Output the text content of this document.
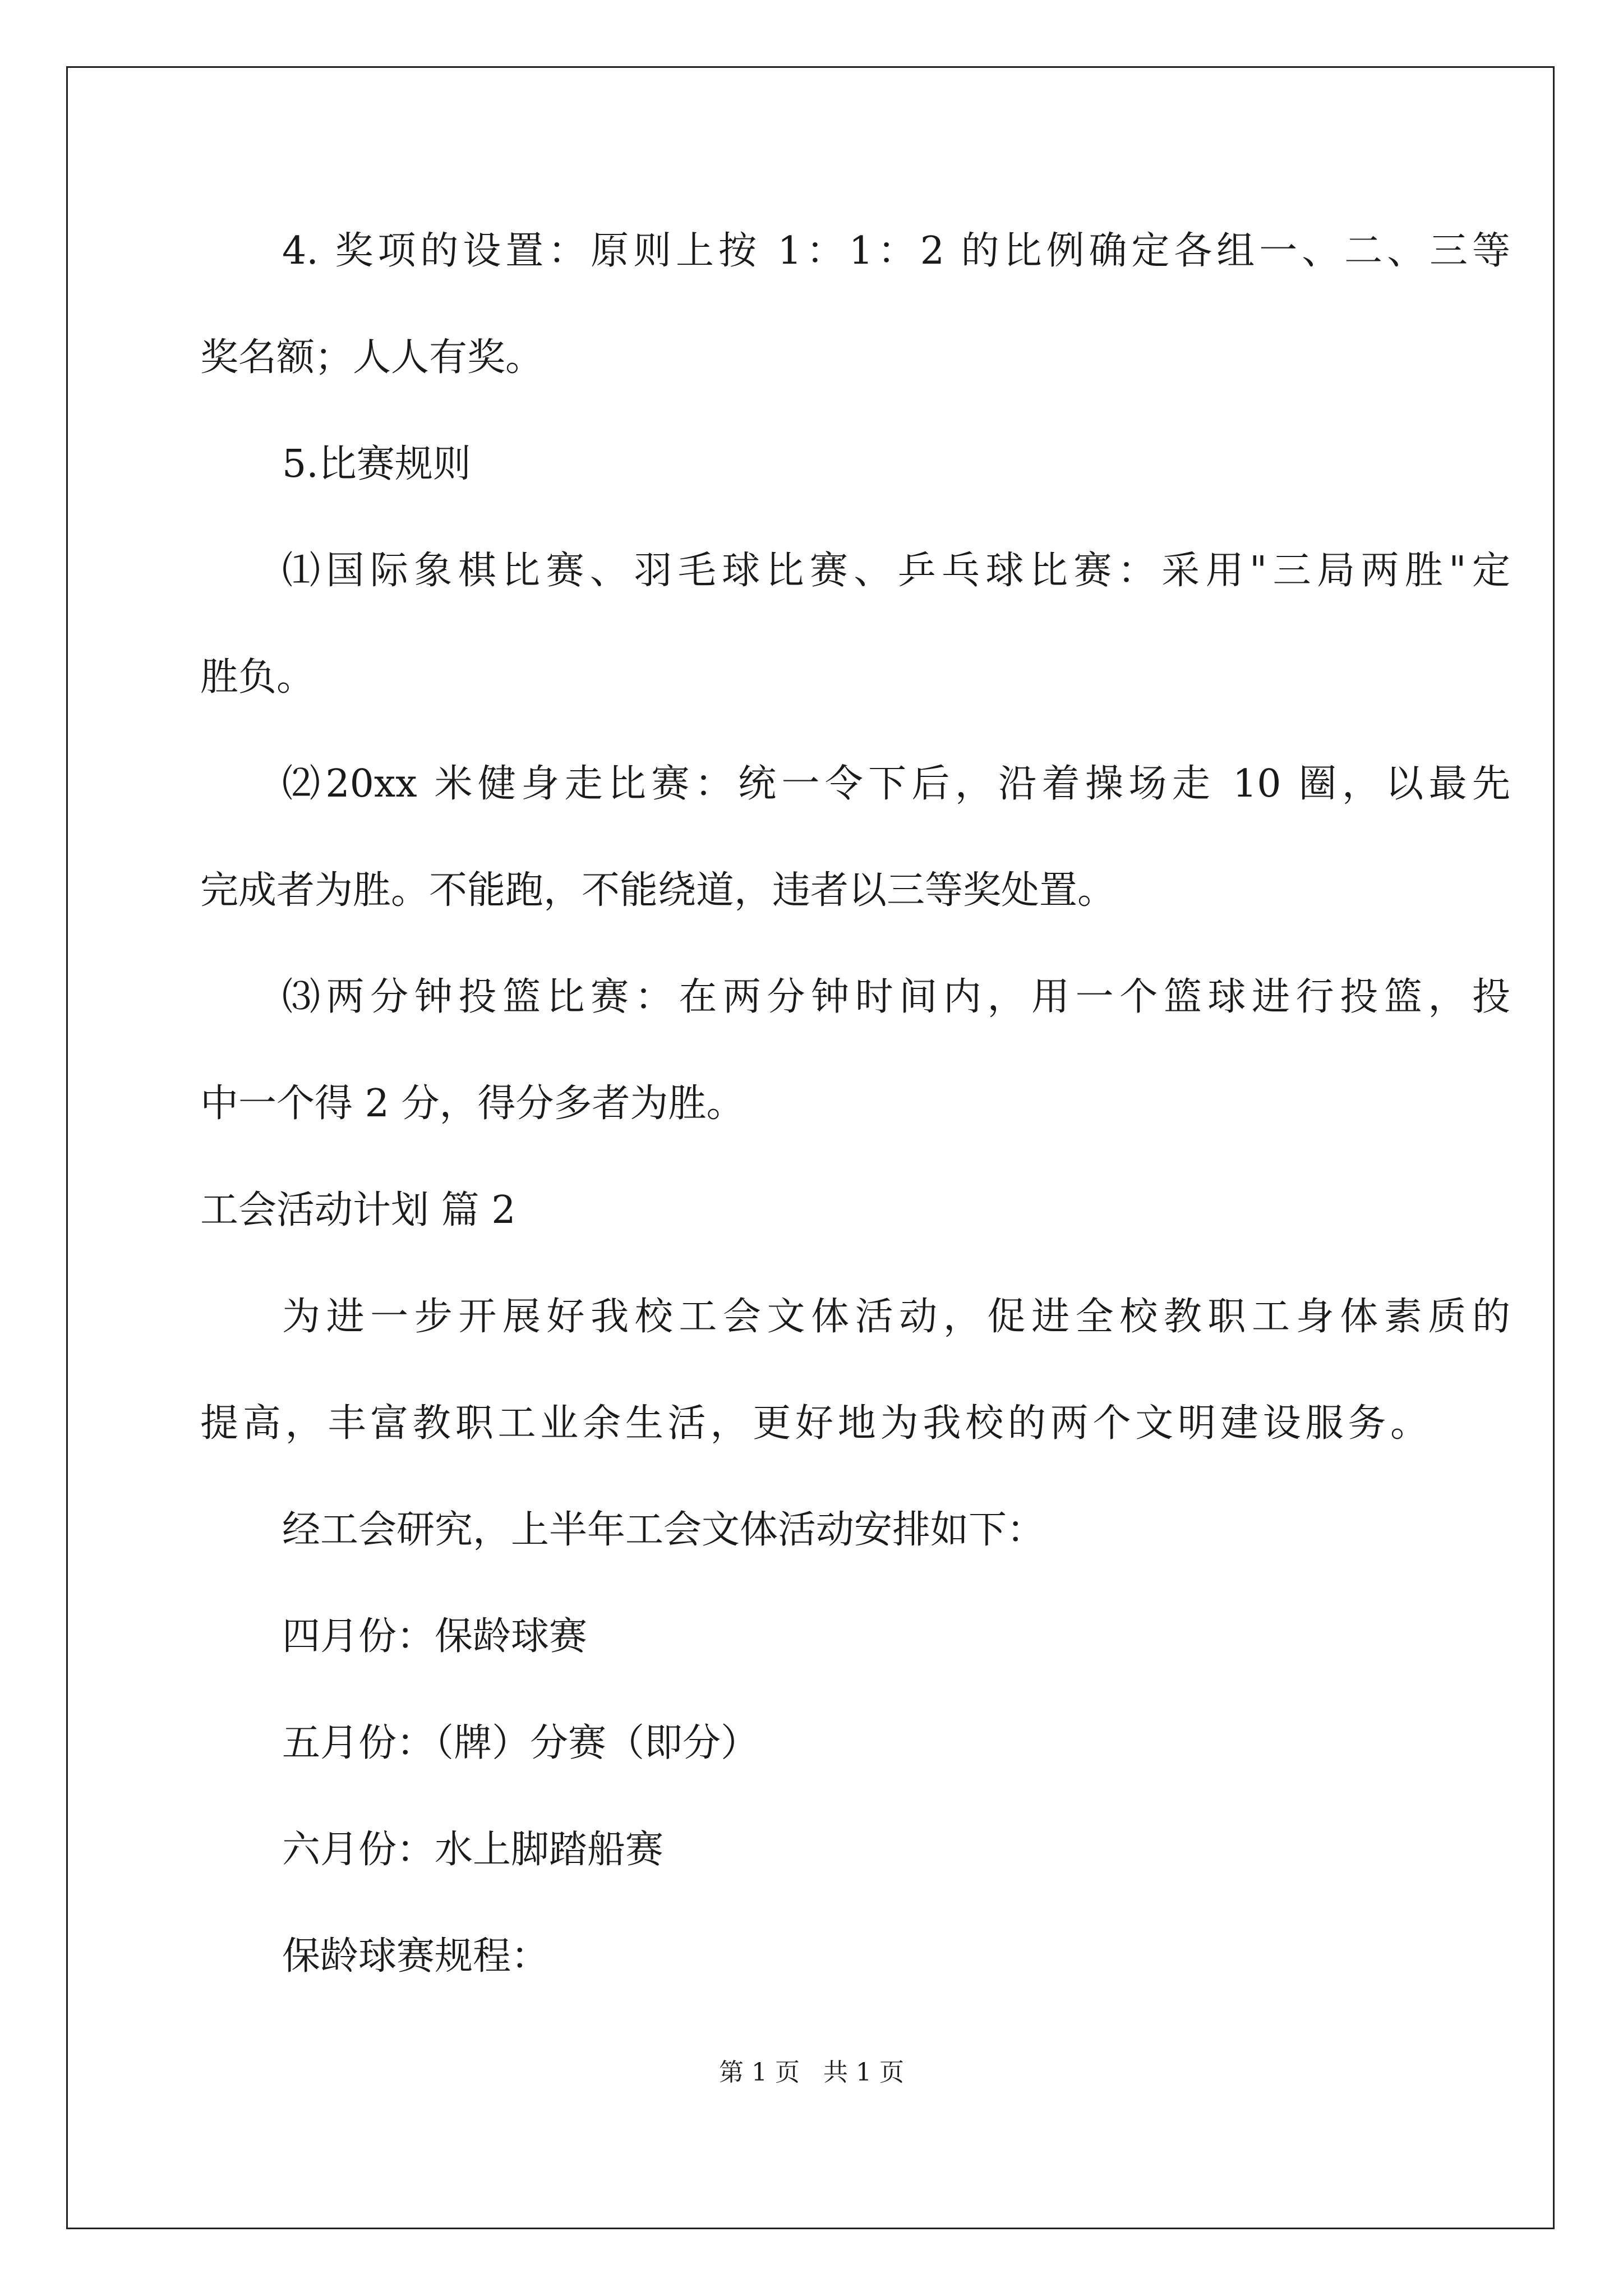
4. 奖项的设置：原则上按 1：1：2 的比例确定各组一、二、三等
奖名额；人人有奖。
5.比赛规则
⑴国际象棋比赛、羽毛球比赛、乒乓球比赛：采用"三局两胜"定
胜负。
⑵20xx 米健身走比赛：统一令下后，沿着操场走 10 圈，以最先
完成者为胜。不能跑，不能绕道，违者以三等奖处置。
⑶两分钟投篮比赛：在两分钟时间内，用一个篮球进行投篮，投
中一个得 2 分，得分多者为胜。
工会活动计划 篇 2
为进一步开展好我校工会文体活动，促进全校教职工身体素质的
提高，丰富教职工业余生活，更好地为我校的两个文明建设服务。
经工会研究，上半年工会文体活动安排如下：
四月份：保龄球赛
五月份：（牌）分赛（即分）
六月份：水上脚踏船赛
保龄球赛规程：
第 1 页   共 1 页
